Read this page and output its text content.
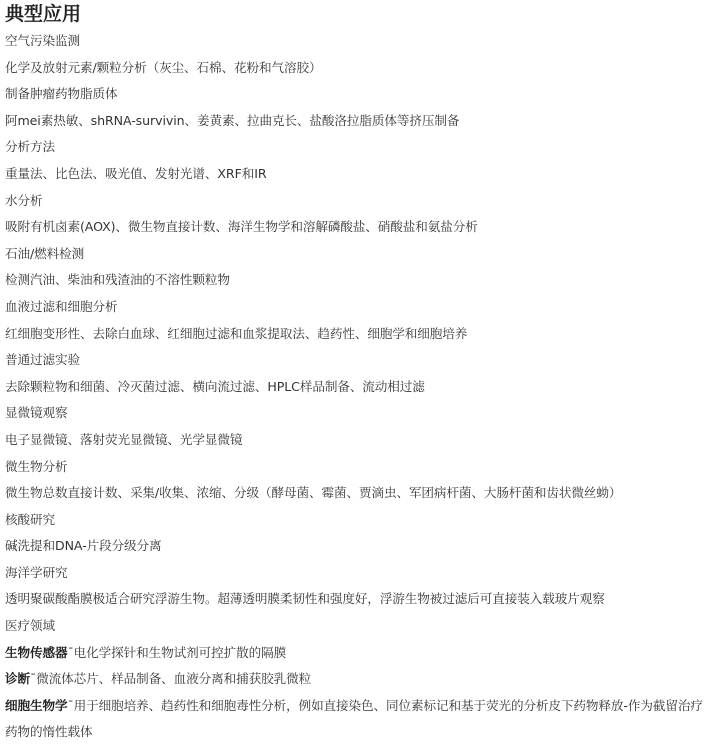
典型应用
空气污染监测
化学及放射元素/颗粒分析（灰尘、石棉、花粉和气溶胶）
制备肿瘤药物脂质体
阿mei素热敏、shRNA-survivin、姜黄素、拉曲克长、盐酸洛拉脂质体等挤压制备
分析方法
重量法、比色法、吸光值、发射光谱、XRF和IR
水分析
吸附有机卤素(AOX)、微生物直接计数、海洋生物学和溶解磷酸盐、硝酸盐和氨盐分析
石油/燃料检测
检测汽油、柴油和残渣油的不溶性颗粒物
血液过滤和细胞分析
红细胞变形性、去除白血球、红细胞过滤和血浆提取法、趋药性、细胞学和细胞培养
普通过滤实验
去除颗粒物和细菌、冷灭菌过滤、横向流过滤、HPLC样品制备、流动相过滤
显微镜观察
电子显微镜、落射荧光显微镜、光学显微镜
微生物分析
微生物总数直接计数、采集/收集、浓缩、分级（酵母菌、霉菌、贾滴虫、军团病杆菌、大肠杆菌和齿状微丝蚴）
核酸研究
碱洗提和DNA-片段分级分离
海洋学研究
透明聚碳酸酯膜极适合研究浮游生物。超薄透明膜柔韧性和强度好，浮游生物被过滤后可直接装入载玻片观察
医疗领域
生物传感器¯电化学探针和生物试剂可控扩散的隔膜
诊断¯微流体芯片、样品制备、血液分离和捕获胶乳微粒
细胞生物学¯用于细胞培养、趋药性和细胞毒性分析，例如直接染色、同位素标记和基于荧光的分析皮下药物释放-作为截留治疗药物的惰性载体
